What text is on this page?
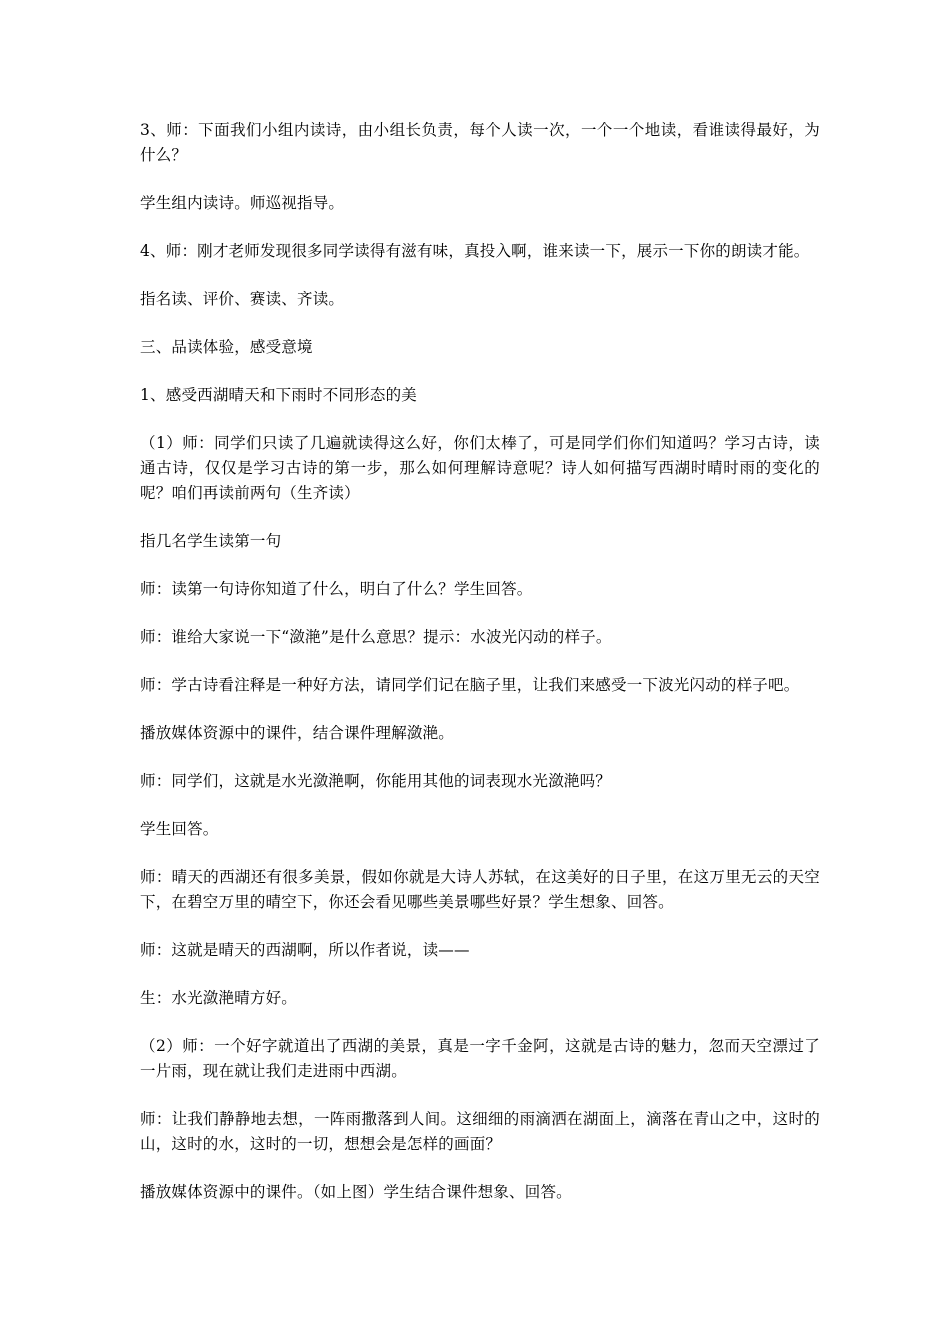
3、师：下面我们小组内读诗，由小组长负责，每个人读一次，一个一个地读，看谁读得最好，为什么？

学生组内读诗。师巡视指导。

4、师：刚才老师发现很多同学读得有滋有味，真投入啊，谁来读一下，展示一下你的朗读才能。

指名读、评价、赛读、齐读。

三、品读体验，感受意境

1、感受西湖晴天和下雨时不同形态的美

（1）师：同学们只读了几遍就读得这么好，你们太棒了，可是同学们你们知道吗？学习古诗，读通古诗，仅仅是学习古诗的第一步，那么如何理解诗意呢？诗人如何描写西湖时晴时雨的变化的呢？咱们再读前两句（生齐读）

指几名学生读第一句

师：读第一句诗你知道了什么，明白了什么？学生回答。

师：谁给大家说一下“潋滟”是什么意思？提示：水波光闪动的样子。

师：学古诗看注释是一种好方法，请同学们记在脑子里，让我们来感受一下波光闪动的样子吧。

播放媒体资源中的课件，结合课件理解潋滟。

师：同学们，这就是水光潋滟啊，你能用其他的词表现水光潋滟吗？

学生回答。

师：晴天的西湖还有很多美景，假如你就是大诗人苏轼，在这美好的日子里，在这万里无云的天空下，在碧空万里的晴空下，你还会看见哪些美景哪些好景？学生想象、回答。

师：这就是晴天的西湖啊，所以作者说，读——

生：水光潋滟晴方好。

（2）师：一个好字就道出了西湖的美景，真是一字千金阿，这就是古诗的魅力，忽而天空漂过了一片雨，现在就让我们走进雨中西湖。

师：让我们静静地去想，一阵雨撒落到人间。这细细的雨滴洒在湖面上，滴落在青山之中，这时的山，这时的水，这时的一切，想想会是怎样的画面？

播放媒体资源中的课件。（如上图）学生结合课件想象、回答。
